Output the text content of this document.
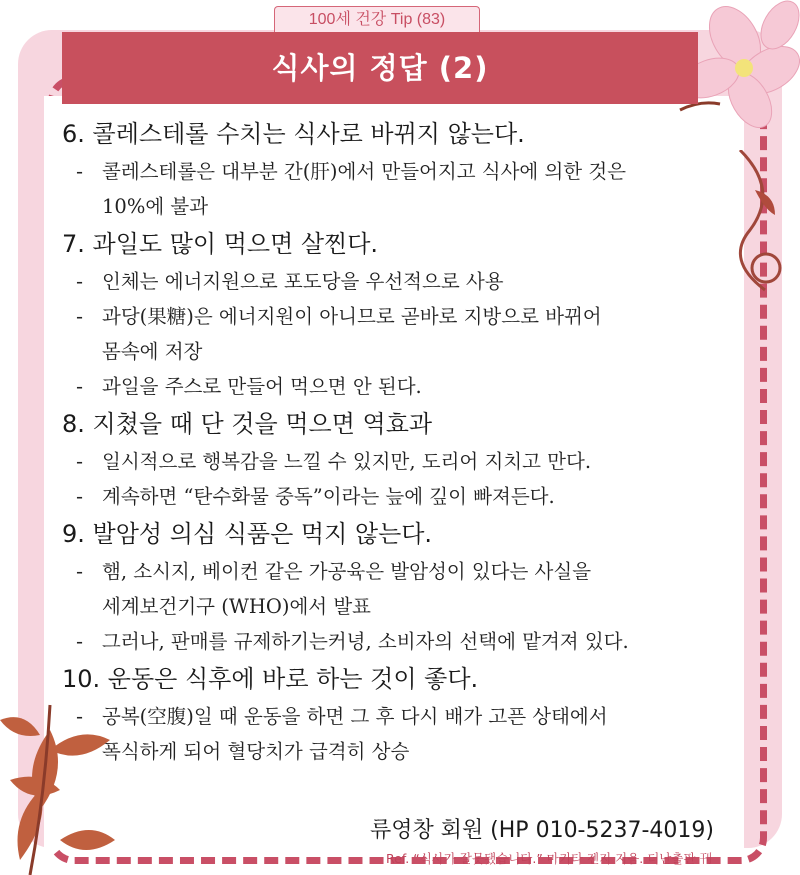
100세 건강 Tip (83)
식사의 정답 (2)
6. 콜레스테롤 수치는 식사로 바뀌지 않는다.
- 콜레스테롤은 대부분 간(肝)에서 만들어지고 식사에 의한 것은
10%에 불과
7. 과일도 많이 먹으면 살찐다.
- 인체는 에너지원으로 포도당을 우선적으로 사용
- 과당(果糖)은 에너지원이 아니므로 곧바로 지방으로 바뀌어
몸속에 저장
- 과일을 주스로 만들어 먹으면 안 된다.
8. 지쳤을 때 단 것을 먹으면 역효과
- 일시적으로 행복감을 느낄 수 있지만, 도리어 지치고 만다.
- 계속하면 “탄수화물 중독”이라는 늪에 깊이 빠져든다.
9. 발암성 의심 식품은 먹지 않는다.
- 햄, 소시지, 베이컨 같은 가공육은 발암성이 있다는 사실을
세계보건기구 (WHO)에서 발표
- 그러나, 판매를 규제하기는커녕, 소비자의 선택에 맡겨져 있다.
10. 운동은 식후에 바로 하는 것이 좋다.
- 공복(空腹)일 때 운동을 하면 그 후 다시 배가 고픈 상태에서
폭식하게 되어 혈당치가 급격히 상승
류영창 회원 (HP 010-5237-4019)
Ref. “식사가 잘못됐습니다.” 마키타 젠지 지음. 더난출판 刊
